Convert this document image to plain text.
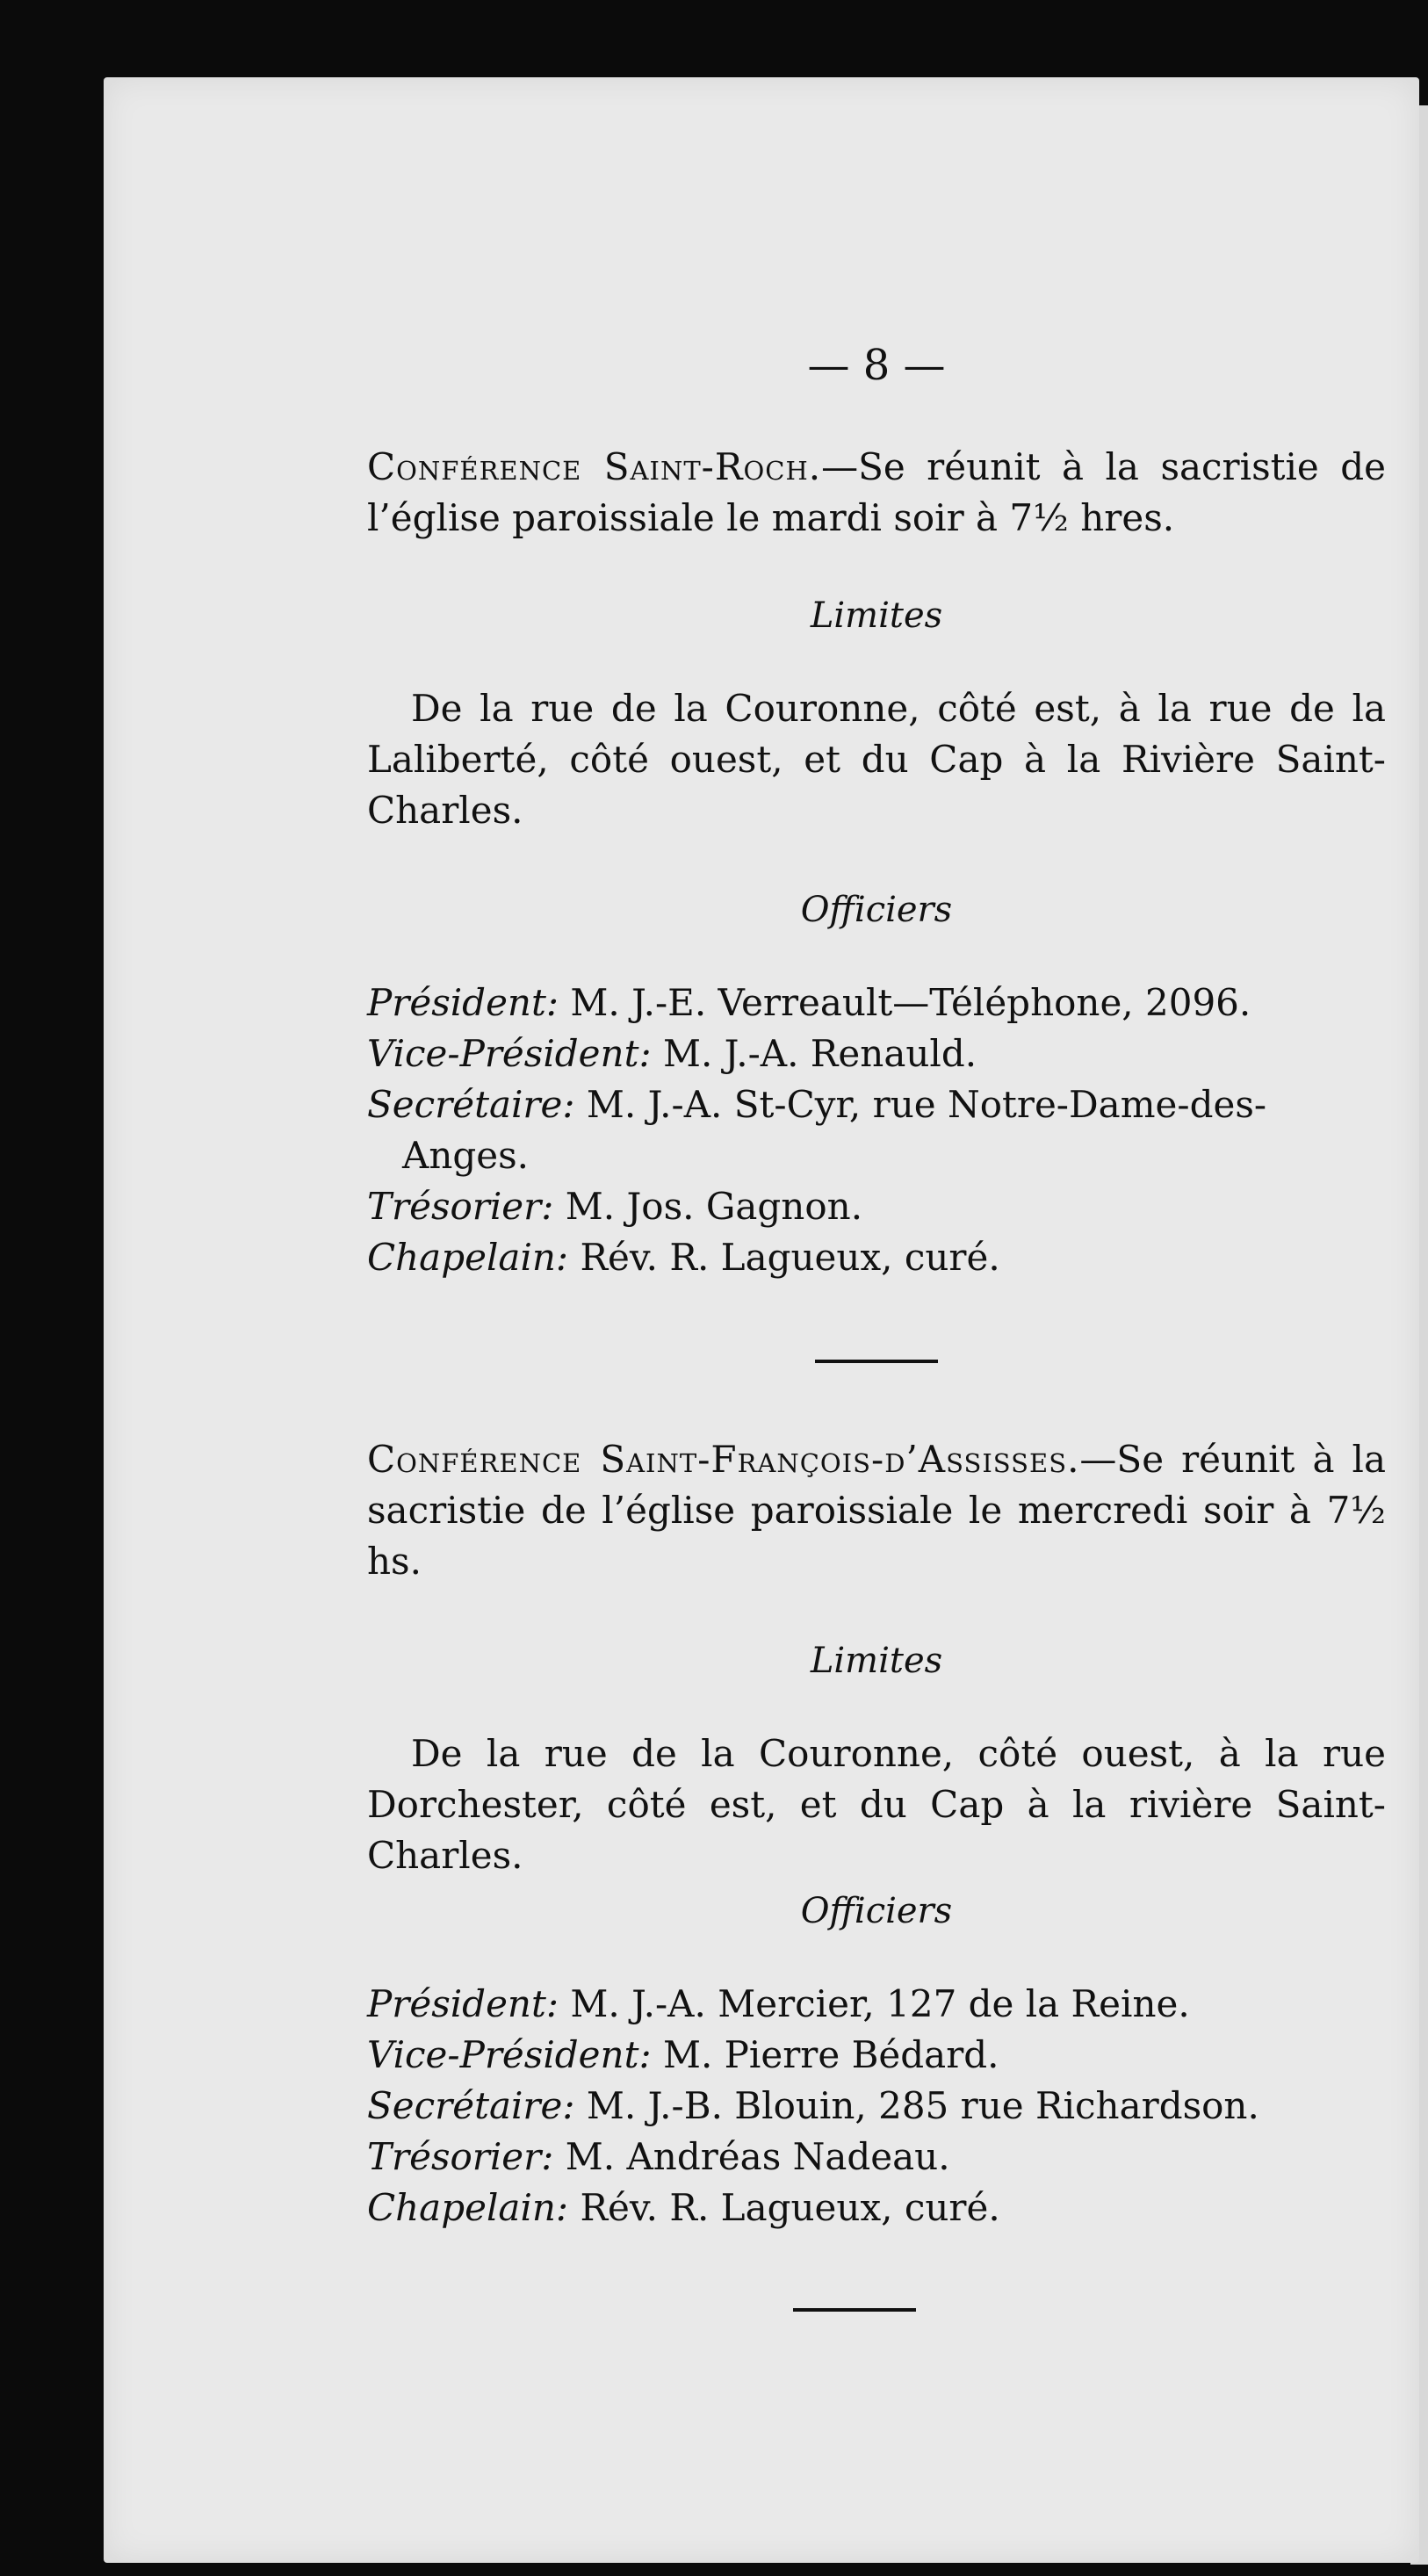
— 8 —

Conférence Saint-Roch.—Se réunit à la sacristie de l’église paroissiale le mardi soir à 7½ hres.

Limites

De la rue de la Couronne, côté est, à la rue de la Laliberté, côté ouest, et du Cap à la Rivière Saint-Charles.

Officiers

Président: M. J.-E. Verreault—Téléphone, 2096.

Vice-Président: M. J.-A. Renauld.

Secrétaire: M. J.-A. St-Cyr, rue Notre-Dame-des-Anges.

Trésorier: M. Jos. Gagnon.

Chapelain: Rév. R. Lagueux, curé.

Conférence Saint-François-d’Assisses.—Se réunit à la sacristie de l’église paroissiale le mercredi soir à 7½ hs.

Limites

De la rue de la Couronne, côté ouest, à la rue Dorchester, côté est, et du Cap à la rivière Saint-Charles.

Officiers

Président: M. J.-A. Mercier, 127 de la Reine.

Vice-Président: M. Pierre Bédard.

Secrétaire: M. J.-B. Blouin, 285 rue Richardson.

Trésorier: M. Andréas Nadeau.

Chapelain: Rév. R. Lagueux, curé.
